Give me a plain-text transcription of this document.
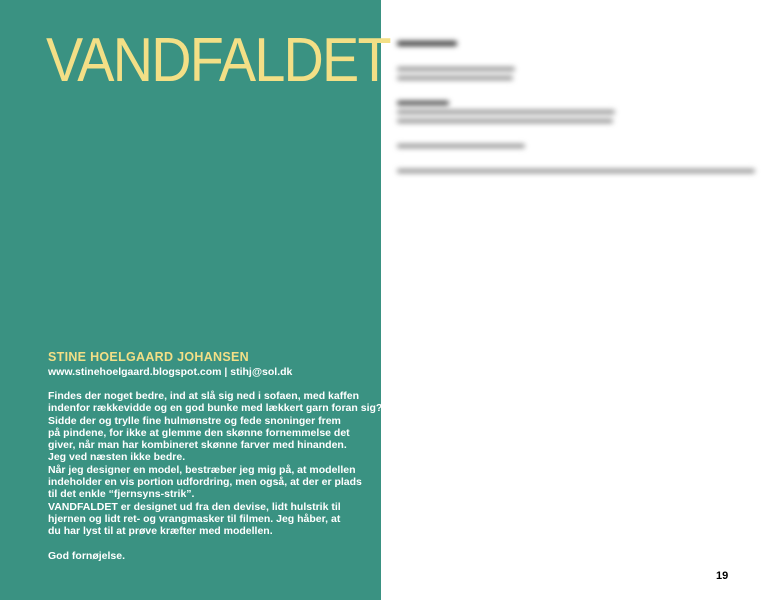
VANDFALDET
STINE HOELGAARD JOHANSEN
www.stinehoelgaard.blogspot.com | stihj@sol.dk

Findes der noget bedre, ind at slå sig ned i sofaen, med kaffen

indenfor rækkevidde og en god bunke med lækkert garn foran sig?

Sidde der og trylle fine hulmønstre og fede snoninger frem

på pindene, for ikke at glemme den skønne fornemmelse det

giver, når man har kombineret skønne farver med hinanden.

Jeg ved næsten ikke bedre.

Når jeg designer en model, bestræber jeg mig på, at modellen

indeholder en vis portion udfordring, men også, at der er plads

til det enkle “fjernsyns-strik”.

VANDFALDET er designet ud fra den devise, lidt hulstrik til

hjernen og lidt ret- og vrangmasker til filmen. Jeg håber, at

du har lyst til at prøve kræfter med modellen.

God fornøjelse.

19
